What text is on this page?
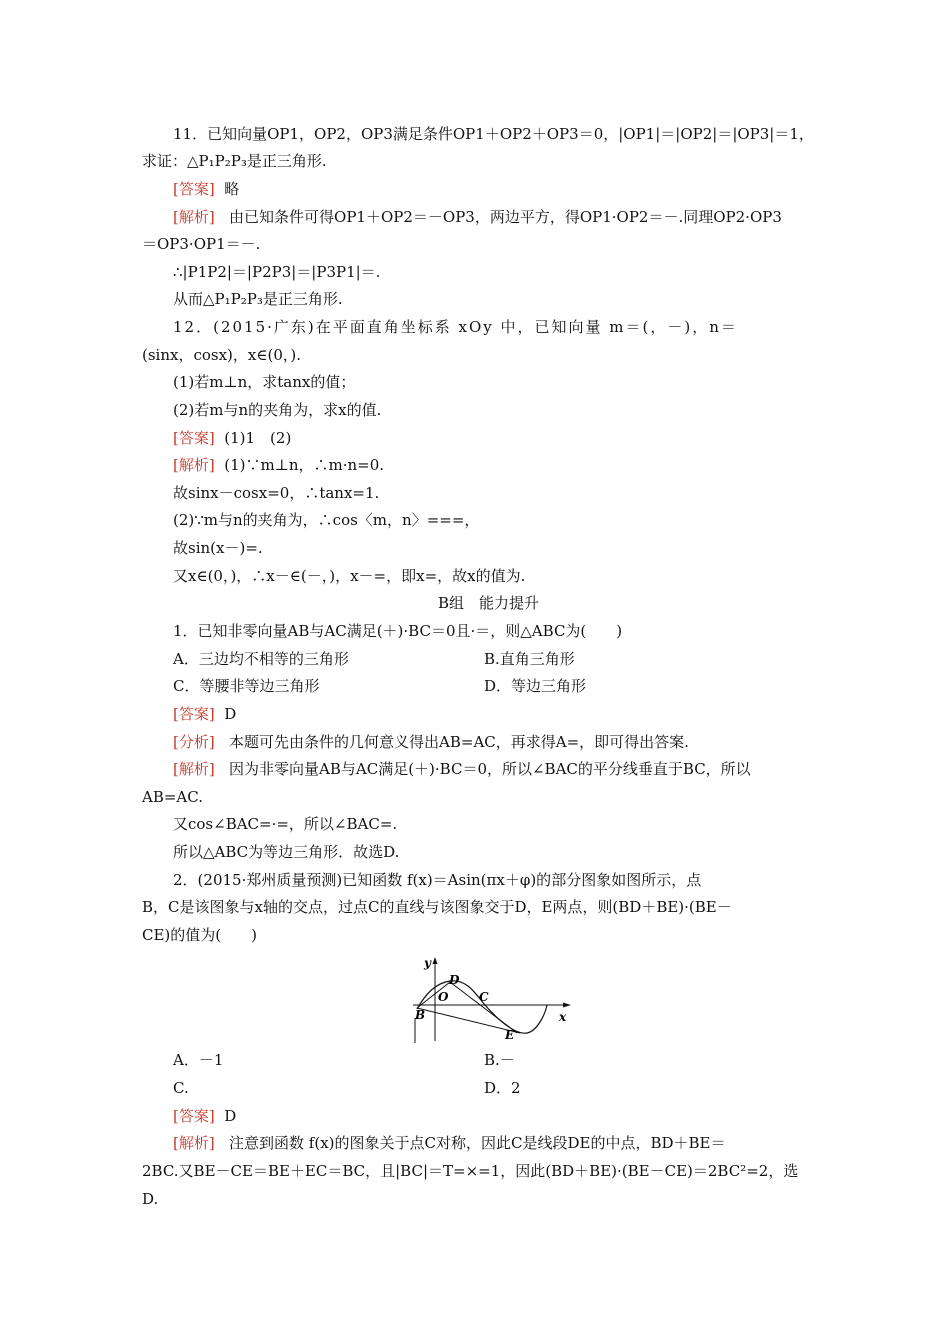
11．已知向量OP1，OP2，OP3满足条件OP1＋OP2＋OP3＝0，|OP1|＝|OP2|＝|OP3|＝1，
求证：△P₁P₂P₃是正三角形.
[答案] 略
[解析] 由已知条件可得OP1＋OP2＝－OP3，两边平方，得OP1·OP2＝－.同理OP2·OP3
＝OP3·OP1＝－.
∴|P1P2|＝|P2P3|＝|P3P1|＝.
从而△P₁P₂P₃是正三角形.
12．(2015·广东)在平面直角坐标系 xOy 中，已知向量 m＝(，－)，n＝
(sinx，cosx)，x∈(0，).
(1)若m⊥n，求tanx的值；
(2)若m与n的夹角为，求x的值.
[答案] (1)1　(2)
[解析] (1)∵m⊥n，∴m·n=0.
故sinx－cosx=0，∴tanx=1.
(2)∵m与n的夹角为，∴cos〈m，n〉===，
故sin(x－)=.
又x∈(0，)，∴x－∈(－，)，x－=，即x=，故x的值为.
B组　能力提升
1．已知非零向量AB与AC满足(＋)·BC＝0且·＝，则△ABC为(　　)
A．三边均不相等的三角形	B.直角三角形
C．等腰非等边三角形	D．等边三角形
[答案] D
[分析] 本题可先由条件的几何意义得出AB=AC，再求得A=，即可得出答案.
[解析] 因为非零向量AB与AC满足(＋)·BC＝0，所以∠BAC的平分线垂直于BC，所以
AB=AC.
又cos∠BAC=·=，所以∠BAC=.
所以△ABC为等边三角形．故选D.
2．(2015·郑州质量预测)已知函数 f(x)＝Asin(πx＋φ)的部分图象如图所示，点
B，C是该图象与x轴的交点，过点C的直线与该图象交于D，E两点，则(BD＋BE)·(BE－
CE)的值为(　　)
y
D
O	C
B
E
x
A．－1	B.－
C.	D．2
[答案] D
[解析] 注意到函数 f(x)的图象关于点C对称，因此C是线段DE的中点，BD＋BE＝
2BC.又BE－CE＝BE＋EC＝BC，且|BC|＝T=×=1，因此(BD＋BE)·(BE－CE)＝2BC²=2，选
D.
